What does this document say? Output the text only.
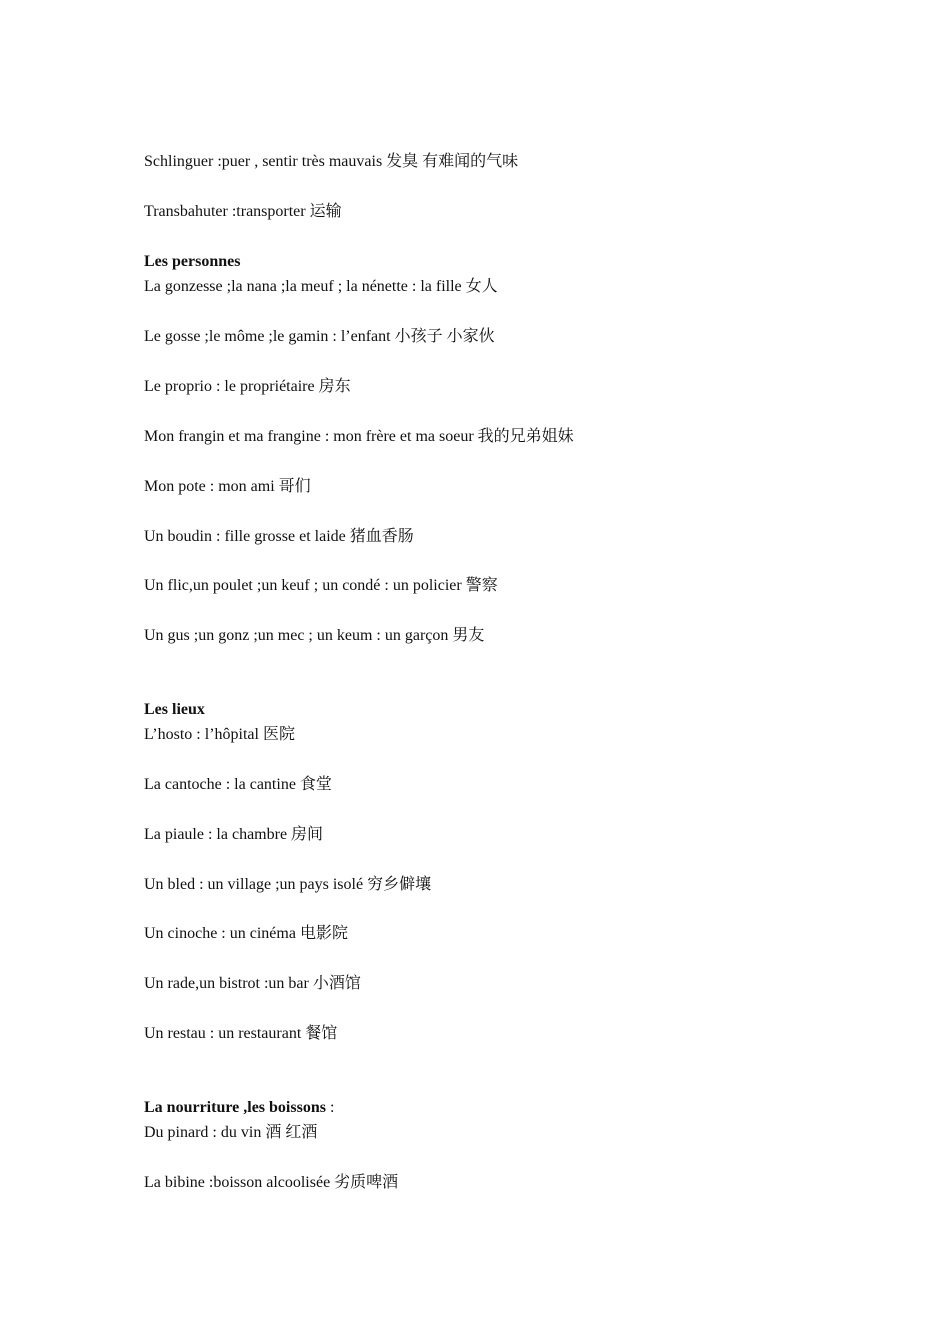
Schlinguer :puer , sentir très mauvais 发臭 有难闻的气味
Transbahuter :transporter 运输
Les personnes
La gonzesse ;la nana ;la meuf ; la nénette : la fille 女人
Le gosse ;le môme ;le gamin : l’enfant 小孩子 小家伙
Le proprio : le propriétaire 房东
Mon frangin et ma frangine : mon frère et ma soeur 我的兄弟姐妹
Mon pote : mon ami 哥们
Un boudin : fille grosse et laide 猪血香肠
Un flic,un poulet ;un keuf ; un condé : un policier 警察
Un gus ;un gonz ;un mec ; un keum : un garçon 男友
Les lieux
L’hosto : l’hôpital 医院
La cantoche : la cantine 食堂
La piaule : la chambre 房间
Un bled : un village ;un pays isolé 穷乡僻壤
Un cinoche : un cinéma 电影院
Un rade,un bistrot :un bar 小酒馆
Un restau : un restaurant 餐馆
La nourriture ,les boissons :
Du pinard : du vin 酒 红酒
La bibine :boisson alcoolisée 劣质啤酒
